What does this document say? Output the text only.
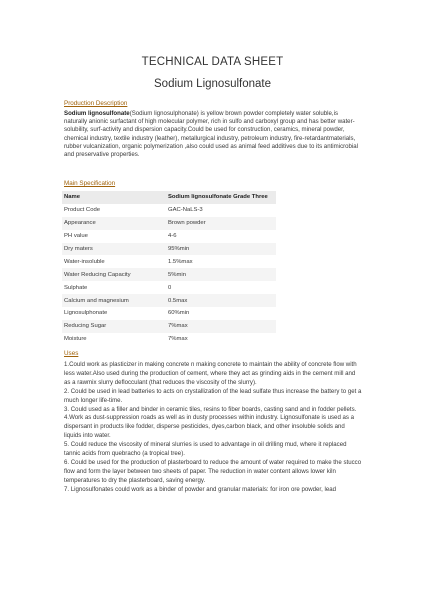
TECHNICAL DATA SHEET
Sodium Lignosulfonate
Production Description

Sodium lignosulfonate(Sodium lignosulphonate) is yellow brown powder completely water soluble,is naturally anionic surfactant of high molecular polymer, rich in sulfo and carboxyl group and has better water-solubility, surf-activity and dispersion capacity.Could be used for construction, ceramics, mineral powder, chemical industry, textile industry (leather), metallurgical industry, petroleum industry, fire-retardantmaterials, rubber vulcanization, organic polymerization ,also could used as animal feed additives due to its antimicrobial and preservative properties.

Main Specification
Name	Sodium lignosulfonate Grade Three
Product Code	GAC-NaLS-3
Appearance	Brown powder
PH value	4-6
Dry maters	95%min
Water-insoluble	1.5%max
Water Reducing Capacity	5%min
Sulphate	0
Calcium and magnesium	0.5max
Lignosulphonate	60%min
Reducing Sugar	7%max
Moisture	7%max
Uses

1.Could work as plasticizer in making concrete n making concrete to maintain the ability of concrete flow with less water.Also used during the production of cement, where they act as grinding aids in the cement mill and as a rawmix slurry deflocculant (that reduces the viscosity of the slurry).

2. Could be used in lead batteries to acts on crystallization of the lead sulfate thus increase the battery to get a much longer life-time.

3. Could used as a filler and binder in ceramic tiles, resins to fiber boards, casting sand and in fodder pellets.

4.Work as dust-suppression roads as well as in dusty processes within industry. Lignosulfonate is used as a dispersant in products like fodder, disperse pesticides, dyes,carbon black, and other insoluble solids and liquids into water.

5. Could reduce the viscosity of mineral slurries is used to advantage in oil drilling mud, where it replaced tannic acids from quebracho (a tropical tree).

6. Could be used for the production of plasterboard to reduce the amount of water required to make the stucco flow and form the layer between two sheets of paper. The reduction in water content allows lower kiln temperatures to dry the plasterboard, saving energy.

7. Lignosulfonates could work as a binder of powder and granular materials: for iron ore powder, lead
